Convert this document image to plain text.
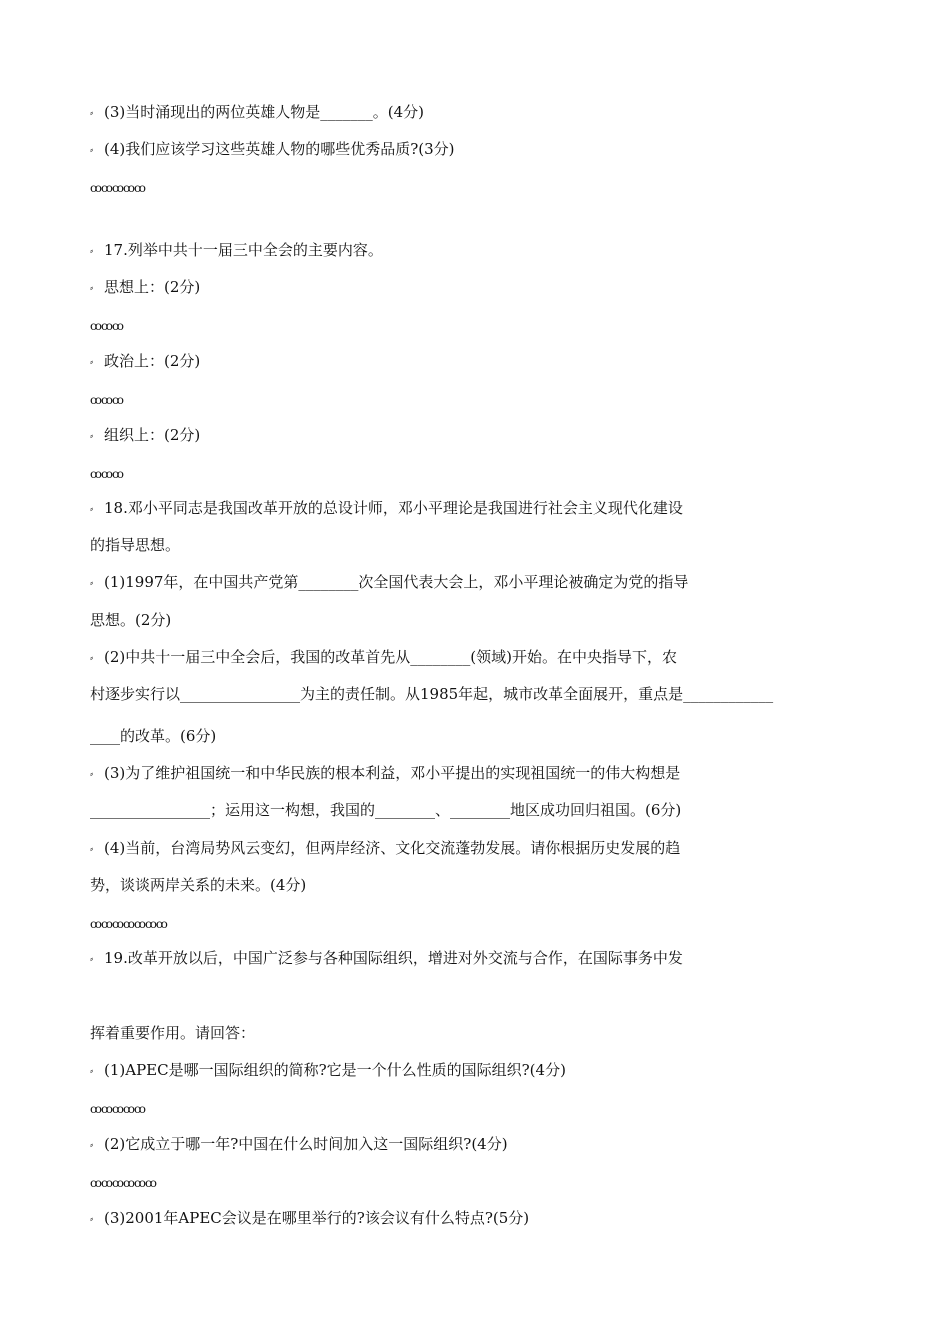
⸗ (3)当时涌现出的两位英雄人物是_______。(4分)
⸗ (4)我们应该学习这些英雄人物的哪些优秀品质?(3分)
ꝏꝏꝏꝏꝏ
⸗ 17.列举中共十一届三中全会的主要内容。
⸗ 思想上：(2分)
ꝏꝏꝏ
⸗ 政治上：(2分)
ꝏꝏꝏ
⸗ 组织上：(2分)
ꝏꝏꝏ
⸗ 18.邓小平同志是我国改革开放的总设计师，邓小平理论是我国进行社会主义现代化建设
的指导思想。
⸗ (1)1997年，在中国共产党第________次全国代表大会上，邓小平理论被确定为党的指导
思想。(2分)
⸗ (2)中共十一届三中全会后，我国的改革首先从________(领域)开始。在中央指导下，农
村逐步实行以________________为主的责任制。从1985年起，城市改革全面展开，重点是____________
____的改革。(6分)
⸗ (3)为了维护祖国统一和中华民族的根本利益，邓小平提出的实现祖国统一的伟大构想是
________________；运用这一构想，我国的________、________地区成功回归祖国。(6分)
⸗ (4)当前，台湾局势风云变幻，但两岸经济、文化交流蓬勃发展。请你根据历史发展的趋
势，谈谈两岸关系的未来。(4分)
ꝏꝏꝏꝏꝏꝏꝏ
⸗ 19.改革开放以后，中国广泛参与各种国际组织，增进对外交流与合作，在国际事务中发
挥着重要作用。请回答：
⸗ (1)APEC是哪一国际组织的简称?它是一个什么性质的国际组织?(4分)
ꝏꝏꝏꝏꝏ
⸗ (2)它成立于哪一年?中国在什么时间加入这一国际组织?(4分)
ꝏꝏꝏꝏꝏꝏ
⸗ (3)2001年APEC会议是在哪里举行的?该会议有什么特点?(5分)
